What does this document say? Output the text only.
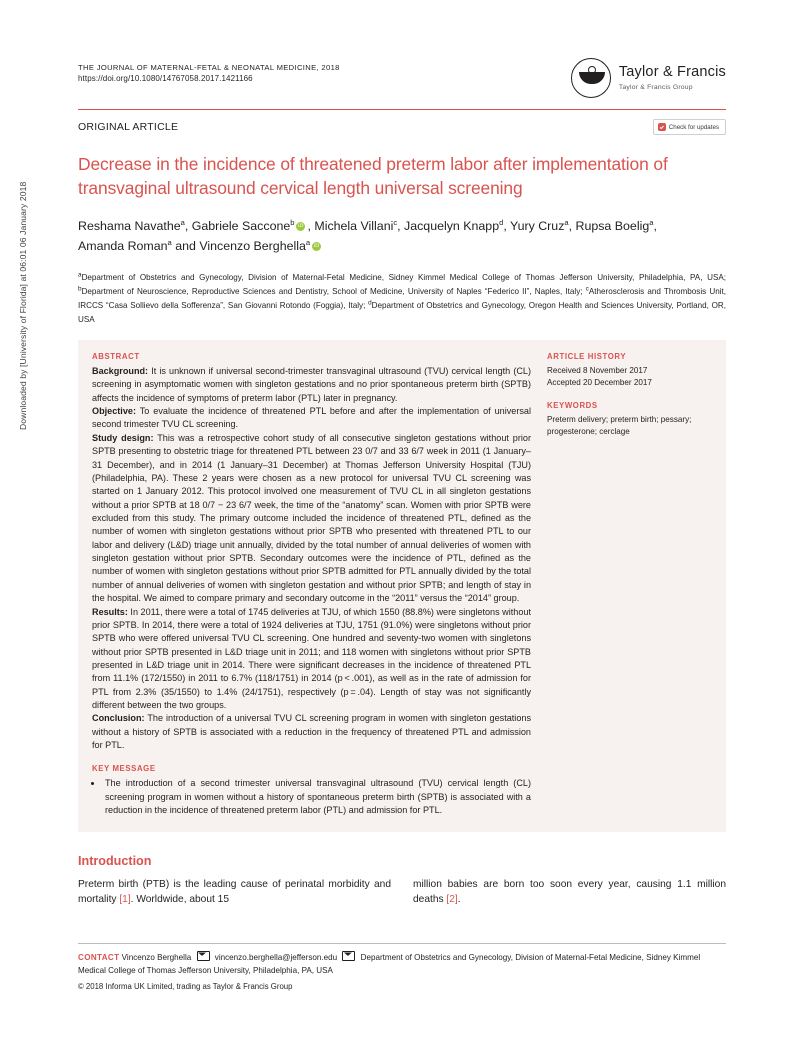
Downloaded by [University of Florida] at 06:01 06 January 2018
THE JOURNAL OF MATERNAL-FETAL & NEONATAL MEDICINE, 2018
https://doi.org/10.1080/14767058.2017.1421166	Taylor & Francis
Taylor & Francis Group
ORIGINAL ARTICLE	Check for updates
Decrease in the incidence of threatened preterm labor after implementation of transvaginal ultrasound cervical length universal screening
Reshama Navathe$^a$, Gabriele Saccone$^b$ iD , Michela Villani$^c$, Jacquelyn Knapp$^d$, Yury Cruz$^a$, Rupsa Boelig$^a$,
Amanda Roman$^a$ and Vincenzo Berghella$^a$iD
$^a$Department of Obstetrics and Gynecology, Division of Maternal-Fetal Medicine, Sidney Kimmel Medical College of Thomas Jefferson University, Philadelphia, PA, USA; $^b$Department of Neuroscience, Reproductive Sciences and Dentistry, School of Medicine, University of Naples “Federico II”, Naples, Italy; $^c$Atherosclerosis and Thrombosis Unit, IRCCS “Casa Sollievo della Sofferenza”, San Giovanni Rotondo (Foggia), Italy; $^d$Department of Obstetrics and Gynecology, Oregon Health and Sciences University, Portland, OR, USA
ABSTRACT

Background: It is unknown if universal second-trimester transvaginal ultrasound (TVU) cervical length (CL) screening in asymptomatic women with singleton gestations and no prior spontaneous preterm birth (SPTB) affects the incidence of symptoms of preterm labor (PTL) later in pregnancy.
Objective: To evaluate the incidence of threatened PTL before and after the implementation of universal second trimester TVU CL screening.
Study design: This was a retrospective cohort study of all consecutive singleton gestations without prior SPTB presenting to obstetric triage for threatened PTL between 23 0/7 and 33 6/7 week in 2011 (1 January–31 December), and in 2014 (1 January–31 December) at Thomas Jefferson University Hospital (TJU) (Philadelphia, PA). These 2 years were chosen as a new protocol for universal TVU CL screening was started on 1 January 2012. This protocol involved one measurement of TVU CL in all singleton gestations without a prior SPTB at 18 0/7 − 23 6/7 week, the time of the “anatomy” scan. Women with prior SPTB were excluded from this study. The primary outcome included the incidence of threatened PTL, defined as the number of women with singleton gestations without prior SPTB who presented with threatened PTL to our labor and delivery (L&D) triage unit annually, divided by the total number of annual deliveries of women with singleton gestation without prior SPTB. Secondary outcomes were the incidence of PTL, defined as the number of women with singleton gestations without prior SPTB admitted for PTL annually divided by the total number of annual deliveries of women with singleton gestation and without prior SPTB; and length of stay in the hospital. We aimed to compare primary and secondary outcome in the “2011” versus the “2014” group.
Results: In 2011, there were a total of 1745 deliveries at TJU, of which 1550 (88.8%) were singletons without prior SPTB. In 2014, there were a total of 1924 deliveries at TJU, 1751 (91.0%) were singletons without prior SPTB who were offered universal TVU CL screening. One hundred and seventy-two women with singletons without prior SPTB presented in L&D triage unit in 2011; and 118 women with singletons without prior SPTB presented in L&D triage unit in 2014. There were significant decreases in the incidence of threatened PTL from 11.1% (172/1550) in 2011 to 6.7% (118/1751) in 2014 (p < .001), as well as in the rate of admission for PTL from 2.3% (35/1550) to 1.4% (24/1751), respectively (p = .04). Length of stay was not significantly different between the two groups.
Conclusion: The introduction of a universal TVU CL screening program in women with singleton gestations without a history of SPTB is associated with a reduction in the frequency of threatened PTL and admission for PTL.

KEY MESSAGE
• The introduction of a second trimester universal transvaginal ultrasound (TVU) cervical length (CL) screening program in women without a history of spontaneous preterm birth (SPTB) is associated with a reduction in the incidence of threatened preterm labor (PTL) and admission for PTL.
ARTICLE HISTORY
Received 8 November 2017
Accepted 20 December 2017
KEYWORDS
Preterm delivery; preterm birth; pessary; progesterone; cerclage
Introduction
Preterm birth (PTB) is the leading cause of perinatal morbidity and mortality [1]. Worldwide, about 15
million babies are born too soon every year, causing 1.1 million deaths [2].
CONTACT Vincenzo Berghella	vincenzo.berghella@jefferson.edu	Department of Obstetrics and Gynecology, Division of Maternal-Fetal Medicine, Sidney Kimmel Medical College of Thomas Jefferson University, Philadelphia, PA, USA
© 2018 Informa UK Limited, trading as Taylor & Francis Group
